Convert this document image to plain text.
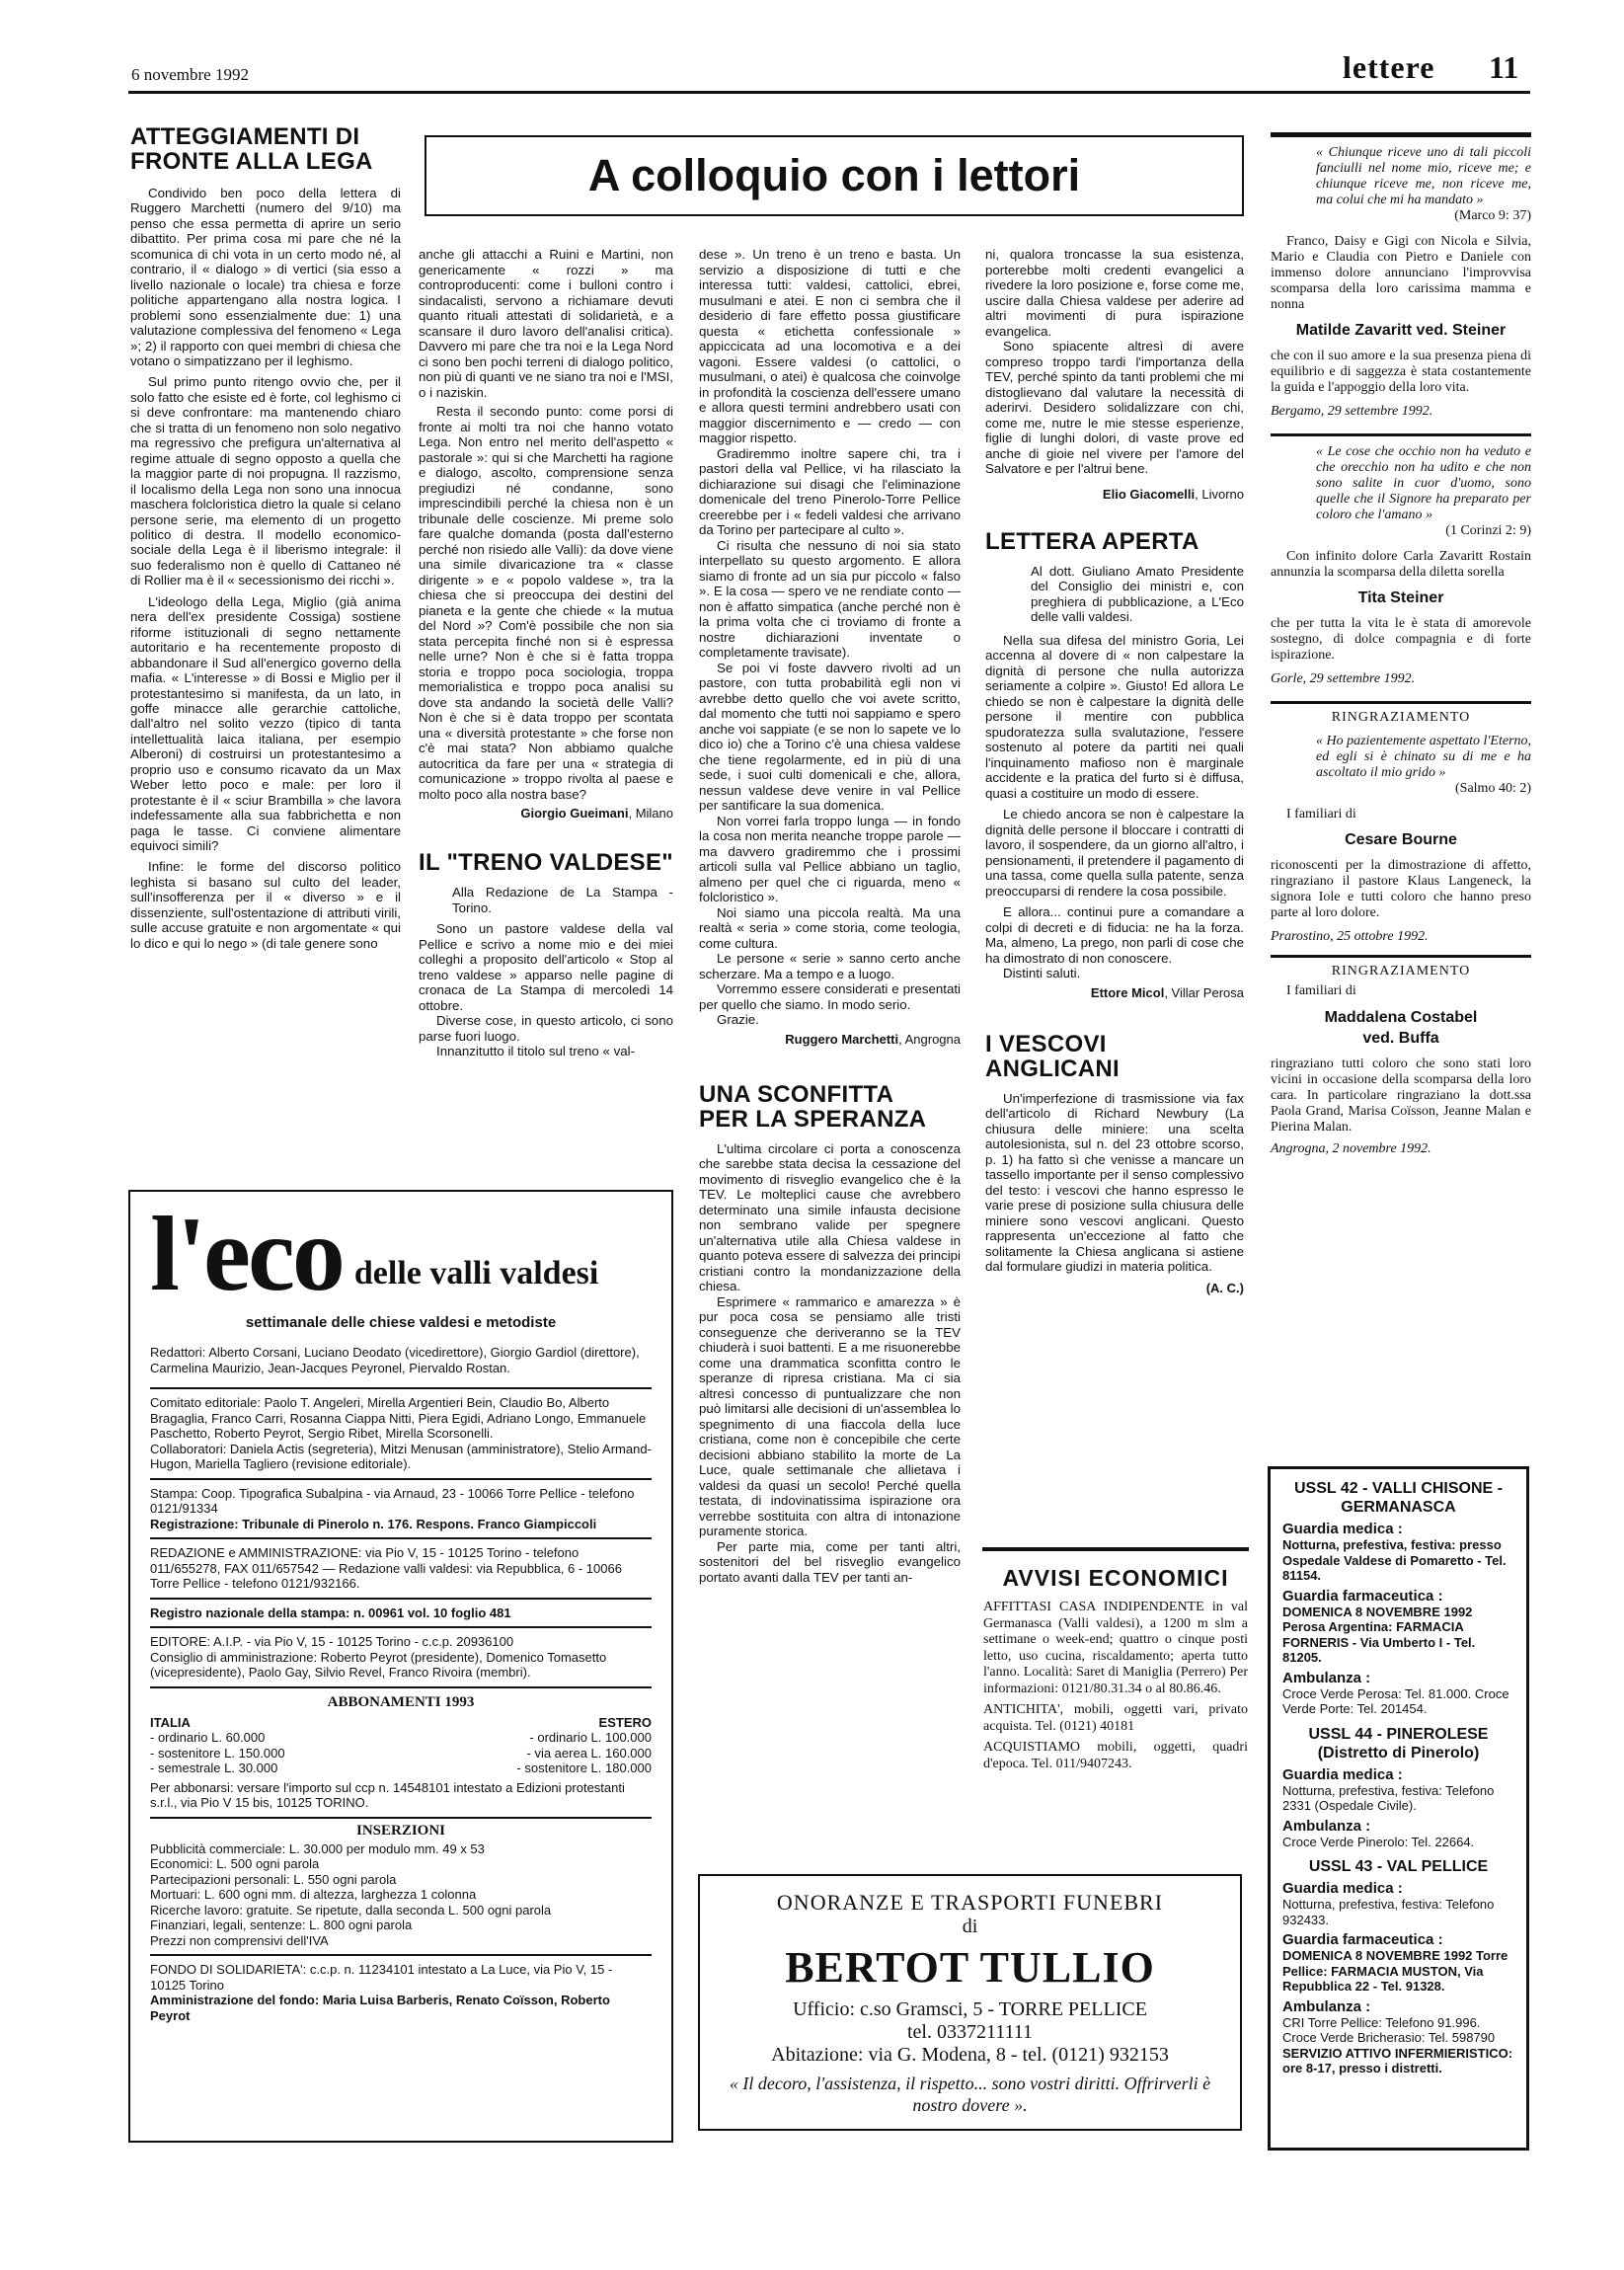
6 novembre 1992	lettere 11
A colloquio con i lettori
ATTEGGIAMENTI DI FRONTE ALLA LEGA

Condivido ben poco della lettera di Ruggero Marchetti (numero del 9/10) ma penso che essa permetta di aprire un serio dibattito. Per prima cosa mi pare che né la scomunica di chi vota in un certo modo né, al contrario, il « dialogo » di vertici (sia esso a livello nazionale o locale) tra chiesa e forze politiche appartengano alla nostra logica. I problemi sono essenzialmente due: 1) una valutazione complessiva del fenomeno « Lega »; 2) il rapporto con quei membri di chiesa che votano o simpatizzano per il leghismo.

Sul primo punto ritengo ovvio che, per il solo fatto che esiste ed è forte, col leghismo ci si deve confrontare: ma mantenendo chiaro che si tratta di un fenomeno non solo negativo ma regressivo che prefigura un'alternativa al regime attuale di segno opposto a quella che la maggior parte di noi propugna. Il razzismo, il localismo della Lega non sono una innocua maschera folcloristica dietro la quale si celano persone serie, ma elemento di un progetto politico di destra. Il modello economico-sociale della Lega è il liberismo integrale: il suo federalismo non è quello di Cattaneo né di Rollier ma è il « secessionismo dei ricchi ».

L'ideologo della Lega, Miglio (già anima nera dell'ex presidente Cossiga) sostiene riforme istituzionali di segno nettamente autoritario e ha recentemente proposto di abbandonare il Sud all'energico governo della mafia. « L'interesse » di Bossi e Miglio per il protestantesimo si manifesta, da un lato, in goffe minacce alle gerarchie cattoliche, dall'altro nel solito vezzo (tipico di tanta intellettualità laica italiana, per esempio Alberoni) di costruirsi un protestantesimo a proprio uso e consumo ricavato da un Max Weber letto poco e male: per loro il protestante è il « sciur Brambilla » che lavora indefessamente alla sua fabbrichetta e non paga le tasse. Ci conviene alimentare equivoci simili?

Infine: le forme del discorso politico leghista si basano sul culto del leader, sull'insofferenza per il « diverso » e il dissenziente, sull'ostentazione di attributi virili, sulle accuse gratuite e non argomentate « qui lo dico e qui lo nego » (di tale genere sono

anche gli attacchi a Ruini e Martini, non genericamente « rozzi » ma controproducenti: come i bulloni contro i sindacalisti, servono a richiamare devuti quanto rituali attestati di solidarietà, e a scansare il duro lavoro dell'analisi critica). Davvero mi pare che tra noi e la Lega Nord ci sono ben pochi terreni di dialogo politico, non più di quanti ve ne siano tra noi e l'MSI, o i naziskin.

Resta il secondo punto: come porsi di fronte ai molti tra noi che hanno votato Lega. Non entro nel merito dell'aspetto « pastorale »: qui si che Marchetti ha ragione e dialogo, ascolto, comprensione senza pregiudizi né condanne, sono imprescindibili perché la chiesa non è un tribunale delle coscienze. Mi preme solo fare qualche domanda (posta dall'esterno perché non risiedo alle Valli): da dove viene una simile divaricazione tra « classe dirigente » e « popolo valdese », tra la chiesa che si preoccupa dei destini del pianeta e la gente che chiede « la mutua del Nord »? Com'è possibile che non sia stata percepita finché non si è espressa nelle urne? Non è che si è fatta troppa storia e troppo poca sociologia, troppa memorialistica e troppo poca analisi su dove sta andando la società delle Valli? Non è che si è data troppo per scontata una « diversità protestante » che forse non c'è mai stata? Non abbiamo qualche autocritica da fare per una « strategia di comunicazione » troppo rivolta al paese e molto poco alla nostra base?

Giorgio Gueimani, Milano
IL "TRENO VALDESE"

Alla Redazione de La Stampa - Torino.

Sono un pastore valdese della val Pellice e scrivo a nome mio e dei miei colleghi a proposito dell'articolo « Stop al treno valdese » apparso nelle pagine di cronaca de La Stampa di mercoledì 14 ottobre.

Diverse cose, in questo articolo, ci sono parse fuori luogo.

Innanzitutto il titolo sul treno « val-

dese ». Un treno è un treno e basta. Un servizio a disposizione di tutti e che interessa tutti: valdesi, cattolici, ebrei, musulmani e atei. E non ci sembra che il desiderio di fare effetto possa giustificare questa « etichetta confessionale » appiccicata ad una locomotiva e a dei vagoni. Essere valdesi (o cattolici, o musulmani, o atei) è qualcosa che coinvolge in profondità la coscienza dell'essere umano e allora questi termini andrebbero usati con maggior discernimento e — credo — con maggior rispetto.

Gradiremmo inoltre sapere chi, tra i pastori della val Pellice, vi ha rilasciato la dichiarazione sui disagi che l'eliminazione domenicale del treno Pinerolo-Torre Pellice creerebbe per i « fedeli valdesi che arrivano da Torino per partecipare al culto ».

Ci risulta che nessuno di noi sia stato interpellato su questo argomento. E allora siamo di fronte ad un sia pur piccolo « falso ». E la cosa — spero ve ne rendiate conto — non è affatto simpatica (anche perché non è la prima volta che ci troviamo di fronte a nostre dichiarazioni inventate o completamente travisate).

Se poi vi foste davvero rivolti ad un pastore, con tutta probabilità egli non vi avrebbe detto quello che voi avete scritto, dal momento che tutti noi sappiamo e spero anche voi sappiate (e se non lo sapete ve lo dico io) che a Torino c'è una chiesa valdese che tiene regolarmente, ed in più di una sede, i suoi culti domenicali e che, allora, nessun valdese deve venire in val Pellice per santificare la sua domenica.

Non vorrei farla troppo lunga — in fondo la cosa non merita neanche troppe parole — ma davvero gradiremmo che i prossimi articoli sulla val Pellice abbiano un taglio, almeno per quel che ci riguarda, meno « folcloristico ».

Noi siamo una piccola realtà. Ma una realtà « seria » come storia, come teologia, come cultura.

Le persone « serie » sanno certo anche scherzare. Ma a tempo e a luogo.

Vorremmo essere considerati e presentati per quello che siamo. In modo serio.

Grazie.

Ruggero Marchetti, Angrogna
UNA SCONFITTA PER LA SPERANZA

L'ultima circolare ci porta a conoscenza che sarebbe stata decisa la cessazione del movimento di risveglio evangelico che è la TEV. Le molteplici cause che avrebbero determinato una simile infausta decisione non sembrano valide per spegnere un'alternativa utile alla Chiesa valdese in quanto poteva essere di salvezza dei principi cristiani contro la mondanizzazione della chiesa.

Esprimere « rammarico e amarezza » è pur poca cosa se pensiamo alle tristi conseguenze che deriveranno se la TEV chiuderà i suoi battenti. E a me risuonerebbe come una drammatica sconfitta contro le speranze di ripresa cristiana. Ma ci sia altresì concesso di puntualizzare che non può limitarsi alle decisioni di un'assemblea lo spegnimento di una fiaccola della luce cristiana, come non è concepibile che certe decisioni abbiano stabilito la morte de La Luce, quale settimanale che allietava i valdesi da quasi un secolo! Perché quella testata, di indovinatissima ispirazione ora verrebbe sostituita con altra di intonazione puramente storica.

Per parte mia, come per tanti altri, sostenitori del bel risveglio evangelico portato avanti dalla TEV per tanti an-

ni, qualora troncasse la sua esistenza, porterebbe molti credenti evangelici a rivedere la loro posizione e, forse come me, uscire dalla Chiesa valdese per aderire ad altri movimenti di pura ispirazione evangelica.

Sono spiacente altresì di avere compreso troppo tardi l'importanza della TEV, perché spinto da tanti problemi che mi distoglievano dal valutare la necessità di aderirvi. Desidero solidalizzare con chi, come me, nutre le mie stesse esperienze, figlie di lunghi dolori, di vaste prove ed anche di gioie nel vivere per l'amore del Salvatore e per l'altrui bene.

Elio Giacomelli, Livorno
LETTERA APERTA

Al dott. Giuliano Amato Presidente del Consiglio dei ministri e, con preghiera di pubblicazione, a L'Eco delle valli valdesi.

Nella sua difesa del ministro Goria, Lei accenna al dovere di « non calpestare la dignità di persone che nulla autorizza seriamente a colpire ». Giusto! Ed allora Le chiedo se non è calpestare la dignità delle persone il mentire con pubblica spudoratezza sulla svalutazione, l'essere sostenuto al potere da partiti nei quali l'inquinamento mafioso non è marginale accidente e la pratica del furto si è diffusa, quasi a costituire un modo di essere.

Le chiedo ancora se non è calpestare la dignità delle persone il bloccare i contratti di lavoro, il sospendere, da un giorno all'altro, i pensionamenti, il pretendere il pagamento di una tassa, come quella sulla patente, senza preoccuparsi di rendere la cosa possibile.

E allora... continui pure a comandare a colpi di decreti e di fiducia: ne ha la forza. Ma, almeno, La prego, non parli di cose che ha dimostrato di non conoscere.

Distinti saluti.

Ettore Micol, Villar Perosa
I VESCOVI ANGLICANI

Un'imperfezione di trasmissione via fax dell'articolo di Richard Newbury (La chiusura delle miniere: una scelta autolesionista, sul n. del 23 ottobre scorso, p. 1) ha fatto sì che venisse a mancare un tassello importante per il senso complessivo del testo: i vescovi che hanno espresso le varie prese di posizione sulla chiusura delle miniere sono vescovi anglicani. Questo rappresenta un'eccezione al fatto che solitamente la Chiesa anglicana si astiene dal formulare giudizi in materia politica.

(A. C.)
AVVISI ECONOMICI

AFFITTASI CASA INDIPENDENTE in val Germanasca (Valli valdesi), a 1200 m slm a settimane o week-end; quattro o cinque posti letto, uso cucina, riscaldamento; aperta tutto l'anno. Località: Saret di Maniglia (Perrero) Per informazioni: 0121/80.31.34 o al 80.86.46.

ANTICHITA', mobili, oggetti vari, privato acquista. Tel. (0121) 40181

ACQUISTIAMO mobili, oggetti, quadri d'epoca. Tel. 011/9407243.

ONORANZE E TRASPORTI FUNEBRI
di
BERTOT TULLIO
Ufficio: c.so Gramsci, 5 - TORRE PELLICE
tel. 0337211111
Abitazione: via G. Modena, 8 - tel. (0121) 932153
« Il decoro, l'assistenza, il rispetto... sono vostri diritti. Offrirverli è nostro dovere ».
l'eco delle valli valdesi
settimanale delle chiese valdesi e metodiste
Redattori: Alberto Corsani, Luciano Deodato (vicedirettore), Giorgio Gardiol (direttore), Carmelina Maurizio, Jean-Jacques Peyronel, Piervaldo Rostan.
Comitato editoriale: Paolo T. Angeleri, Mirella Argentieri Bein, Claudio Bo, Alberto Bragaglia, Franco Carri, Rosanna Ciappa Nitti, Piera Egidi, Adriano Longo, Emmanuele Paschetto, Roberto Peyrot, Sergio Ribet, Mirella Scorsonelli.
Collaboratori: Daniela Actis (segreteria), Mitzi Menusan (amministratore), Stelio Armand-Hugon, Mariella Tagliero (revisione editoriale).
Stampa: Coop. Tipografica Subalpina - via Arnaud, 23 - 10066 Torre Pellice - telefono 0121/91334
Registrazione: Tribunale di Pinerolo n. 176. Respons. Franco Giampiccoli
REDAZIONE e AMMINISTRAZIONE: via Pio V, 15 - 10125 Torino - telefono 011/655278, FAX 011/657542 — Redazione valli valdesi: via Repubblica, 6 - 10066 Torre Pellice - telefono 0121/932166.
Registro nazionale della stampa: n. 00961 vol. 10 foglio 481
EDITORE: A.I.P. - via Pio V, 15 - 10125 Torino - c.c.p. 20936100
Consiglio di amministrazione: Roberto Peyrot (presidente), Domenico Tomasetto (vicepresidente), Paolo Gay, Silvio Revel, Franco Rivoira (membri).
ABBONAMENTI 1993
ITALIA
- ordinario L. 60.000
- sostenitore L. 150.000
- semestrale L. 30.000
ESTERO
- ordinario L. 100.000
- via aerea L. 160.000
- sostenitore L. 180.000
Per abbonarsi: versare l'importo sul ccp n. 14548101 intestato a Edizioni protestanti s.r.l., via Pio V 15 bis, 10125 TORINO.
INSERZIONI
Pubblicità commerciale: L. 30.000 per modulo mm. 49 x 53
Economici: L. 500 ogni parola
Partecipazioni personali: L. 550 ogni parola
Mortuari: L. 600 ogni mm. di altezza, larghezza 1 colonna
Ricerche lavoro: gratuite. Se ripetute, dalla seconda L. 500 ogni parola
Finanziari, legali, sentenze: L. 800 ogni parola
Prezzi non comprensivi dell'IVA
FONDO DI SOLIDARIETA': c.c.p. n. 11234101 intestato a La Luce, via Pio V, 15 - 10125 Torino
Amministrazione del fondo: Maria Luisa Barberis, Renato Coïsson, Roberto Peyrot
« Chiunque riceve uno di tali piccoli fanciulli nel nome mio, riceve me; e chiunque riceve me, non riceve me, ma colui che mi ha mandato »
(Marco 9: 37)
Franco, Daisy e Gigi con Nicola e Silvia, Mario e Claudia con Pietro e Daniele con immenso dolore annunciano l'improvvisa scomparsa della loro carissima mamma e nonna
Matilde Zavaritt ved. Steiner
che con il suo amore e la sua presenza piena di equilibrio e di saggezza è stata costantemente la guida e l'appoggio della loro vita.
Bergamo, 29 settembre 1992.
« Le cose che occhio non ha veduto e che orecchio non ha udito e che non sono salite in cuor d'uomo, sono quelle che il Signore ha preparato per coloro che l'amano »
(1 Corinzi 2: 9)
Con infinito dolore Carla Zavaritt Rostain annunzia la scomparsa della diletta sorella
Tita Steiner
che per tutta la vita le è stata di amorevole sostegno, di dolce compagnia e di forte ispirazione.
Gorle, 29 settembre 1992.
RINGRAZIAMENTO
« Ho pazientemente aspettato l'Eterno, ed egli si è chinato su di me e ha ascoltato il mio grido »
(Salmo 40: 2)
I familiari di
Cesare Bourne
riconoscenti per la dimostrazione di affetto, ringraziano il pastore Klaus Langeneck, la signora Iole e tutti coloro che hanno preso parte al loro dolore.
Prarostino, 25 ottobre 1992.
RINGRAZIAMENTO
I familiari di
Maddalena Costabel ved. Buffa
ringraziano tutti coloro che sono stati loro vicini in occasione della scomparsa della loro cara. In particolare ringraziano la dott.ssa Paola Grand, Marisa Coïsson, Jeanne Malan e Pierina Malan.
Angrogna, 2 novembre 1992.
USSL 42 - VALLI CHISONE - GERMANASCA
Guardia medica :
Notturna, prefestiva, festiva: presso Ospedale Valdese di Pomaretto - Tel. 81154.
Guardia farmaceutica :
DOMENICA 8 NOVEMBRE 1992 Perosa Argentina: FARMACIA FORNERIS - Via Umberto I - Tel. 81205.
Ambulanza :
Croce Verde Perosa: Tel. 81.000. Croce Verde Porte: Tel. 201454.
USSL 44 - PINEROLESE (Distretto di Pinerolo)
Guardia medica :
Notturna, prefestiva, festiva: Telefono 2331 (Ospedale Civile).
Ambulanza :
Croce Verde Pinerolo: Tel. 22664.
USSL 43 - VAL PELLICE
Guardia medica :
Notturna, prefestiva, festiva: Telefono 932433.
Guardia farmaceutica :
DOMENICA 8 NOVEMBRE 1992 Torre Pellice: FARMACIA MUSTON, Via Repubblica 22 - Tel. 91328.
Ambulanza :
CRI Torre Pellice: Telefono 91.996. Croce Verde Bricherasio: Tel. 598790
SERVIZIO ATTIVO INFERMIERISTICO: ore 8-17, presso i distretti.
